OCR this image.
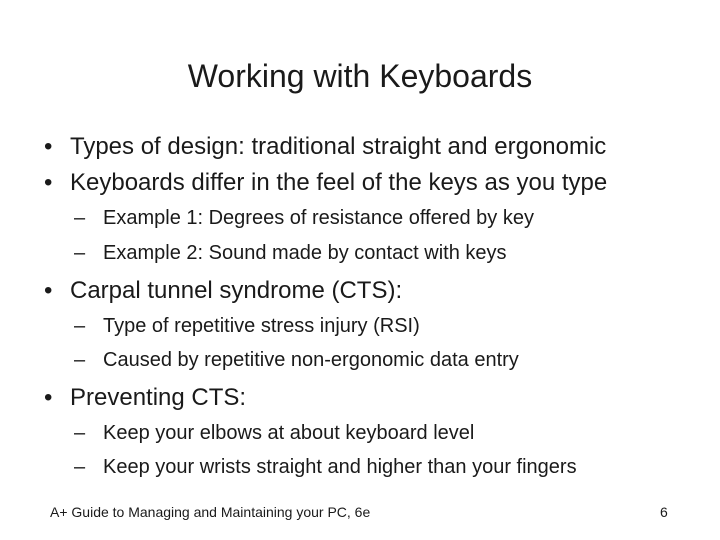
Working with Keyboards
• Types of design: traditional straight and ergonomic
• Keyboards differ in the feel of the keys as you type
– Example 1: Degrees of resistance offered by key
– Example 2: Sound made by contact with keys
• Carpal tunnel syndrome (CTS):
– Type of repetitive stress injury (RSI)
– Caused by repetitive non-ergonomic data entry
• Preventing CTS:
– Keep your elbows at about keyboard level
– Keep your wrists straight and higher than your fingers
A+ Guide to Managing and Maintaining your PC, 6e	6
